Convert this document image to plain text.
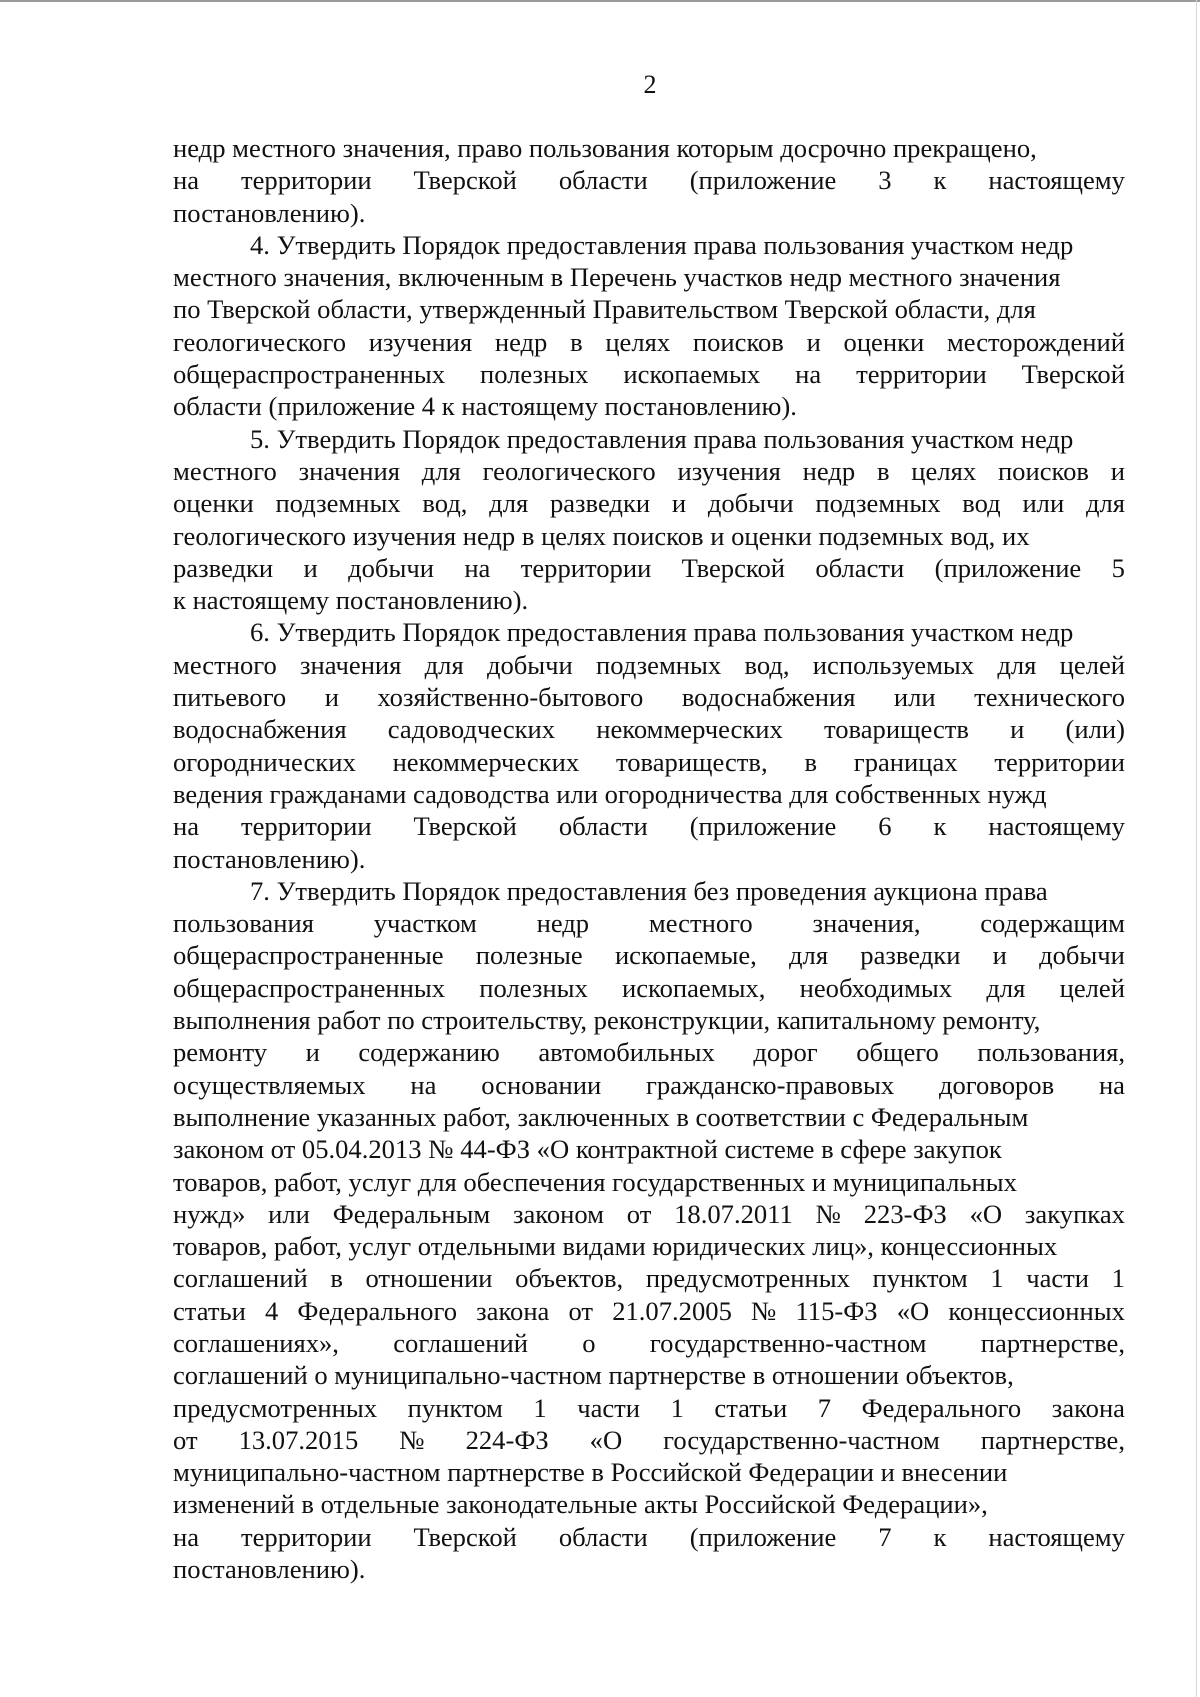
2
недр местного значения, право пользования которым досрочно прекращено,
на территории Тверской области (приложение 3 к настоящему
постановлению).
4. Утвердить Порядок предоставления права пользования участком недр
местного значения, включенным в Перечень участков недр местного значения
по Тверской области, утвержденный Правительством Тверской области, для
геологического изучения недр в целях поисков и оценки месторождений
общераспространенных полезных ископаемых на территории Тверской
области (приложение 4 к настоящему постановлению).
5. Утвердить Порядок предоставления права пользования участком недр
местного значения для геологического изучения недр в целях поисков и
оценки подземных вод, для разведки и добычи подземных вод или для
геологического изучения недр в целях поисков и оценки подземных вод, их
разведки и добычи на территории Тверской области (приложение 5
к настоящему постановлению).
6. Утвердить Порядок предоставления права пользования участком недр
местного значения для добычи подземных вод, используемых для целей
питьевого и хозяйственно-бытового водоснабжения или технического
водоснабжения садоводческих некоммерческих товариществ и (или)
огороднических некоммерческих товариществ, в границах территории
ведения гражданами садоводства или огородничества для собственных нужд
на территории Тверской области (приложение 6 к настоящему
постановлению).
7. Утвердить Порядок предоставления без проведения аукциона права
пользования участком недр местного значения, содержащим
общераспространенные полезные ископаемые, для разведки и добычи
общераспространенных полезных ископаемых, необходимых для целей
выполнения работ по строительству, реконструкции, капитальному ремонту,
ремонту и содержанию автомобильных дорог общего пользования,
осуществляемых на основании гражданско-правовых договоров на
выполнение указанных работ, заключенных в соответствии с Федеральным
законом от 05.04.2013 № 44-ФЗ «О контрактной системе в сфере закупок
товаров, работ, услуг для обеспечения государственных и муниципальных
нужд» или Федеральным законом от 18.07.2011 № 223-ФЗ «О закупках
товаров, работ, услуг отдельными видами юридических лиц», концессионных
соглашений в отношении объектов, предусмотренных пунктом 1 части 1
статьи 4 Федерального закона от 21.07.2005 № 115-ФЗ «О концессионных
соглашениях», соглашений о государственно-частном партнерстве,
соглашений о муниципально-частном партнерстве в отношении объектов,
предусмотренных пунктом 1 части 1 статьи 7 Федерального закона
от 13.07.2015 № 224-ФЗ «О государственно-частном партнерстве,
муниципально-частном партнерстве в Российской Федерации и внесении
изменений в отдельные законодательные акты Российской Федерации»,
на территории Тверской области (приложение 7 к настоящему
постановлению).
